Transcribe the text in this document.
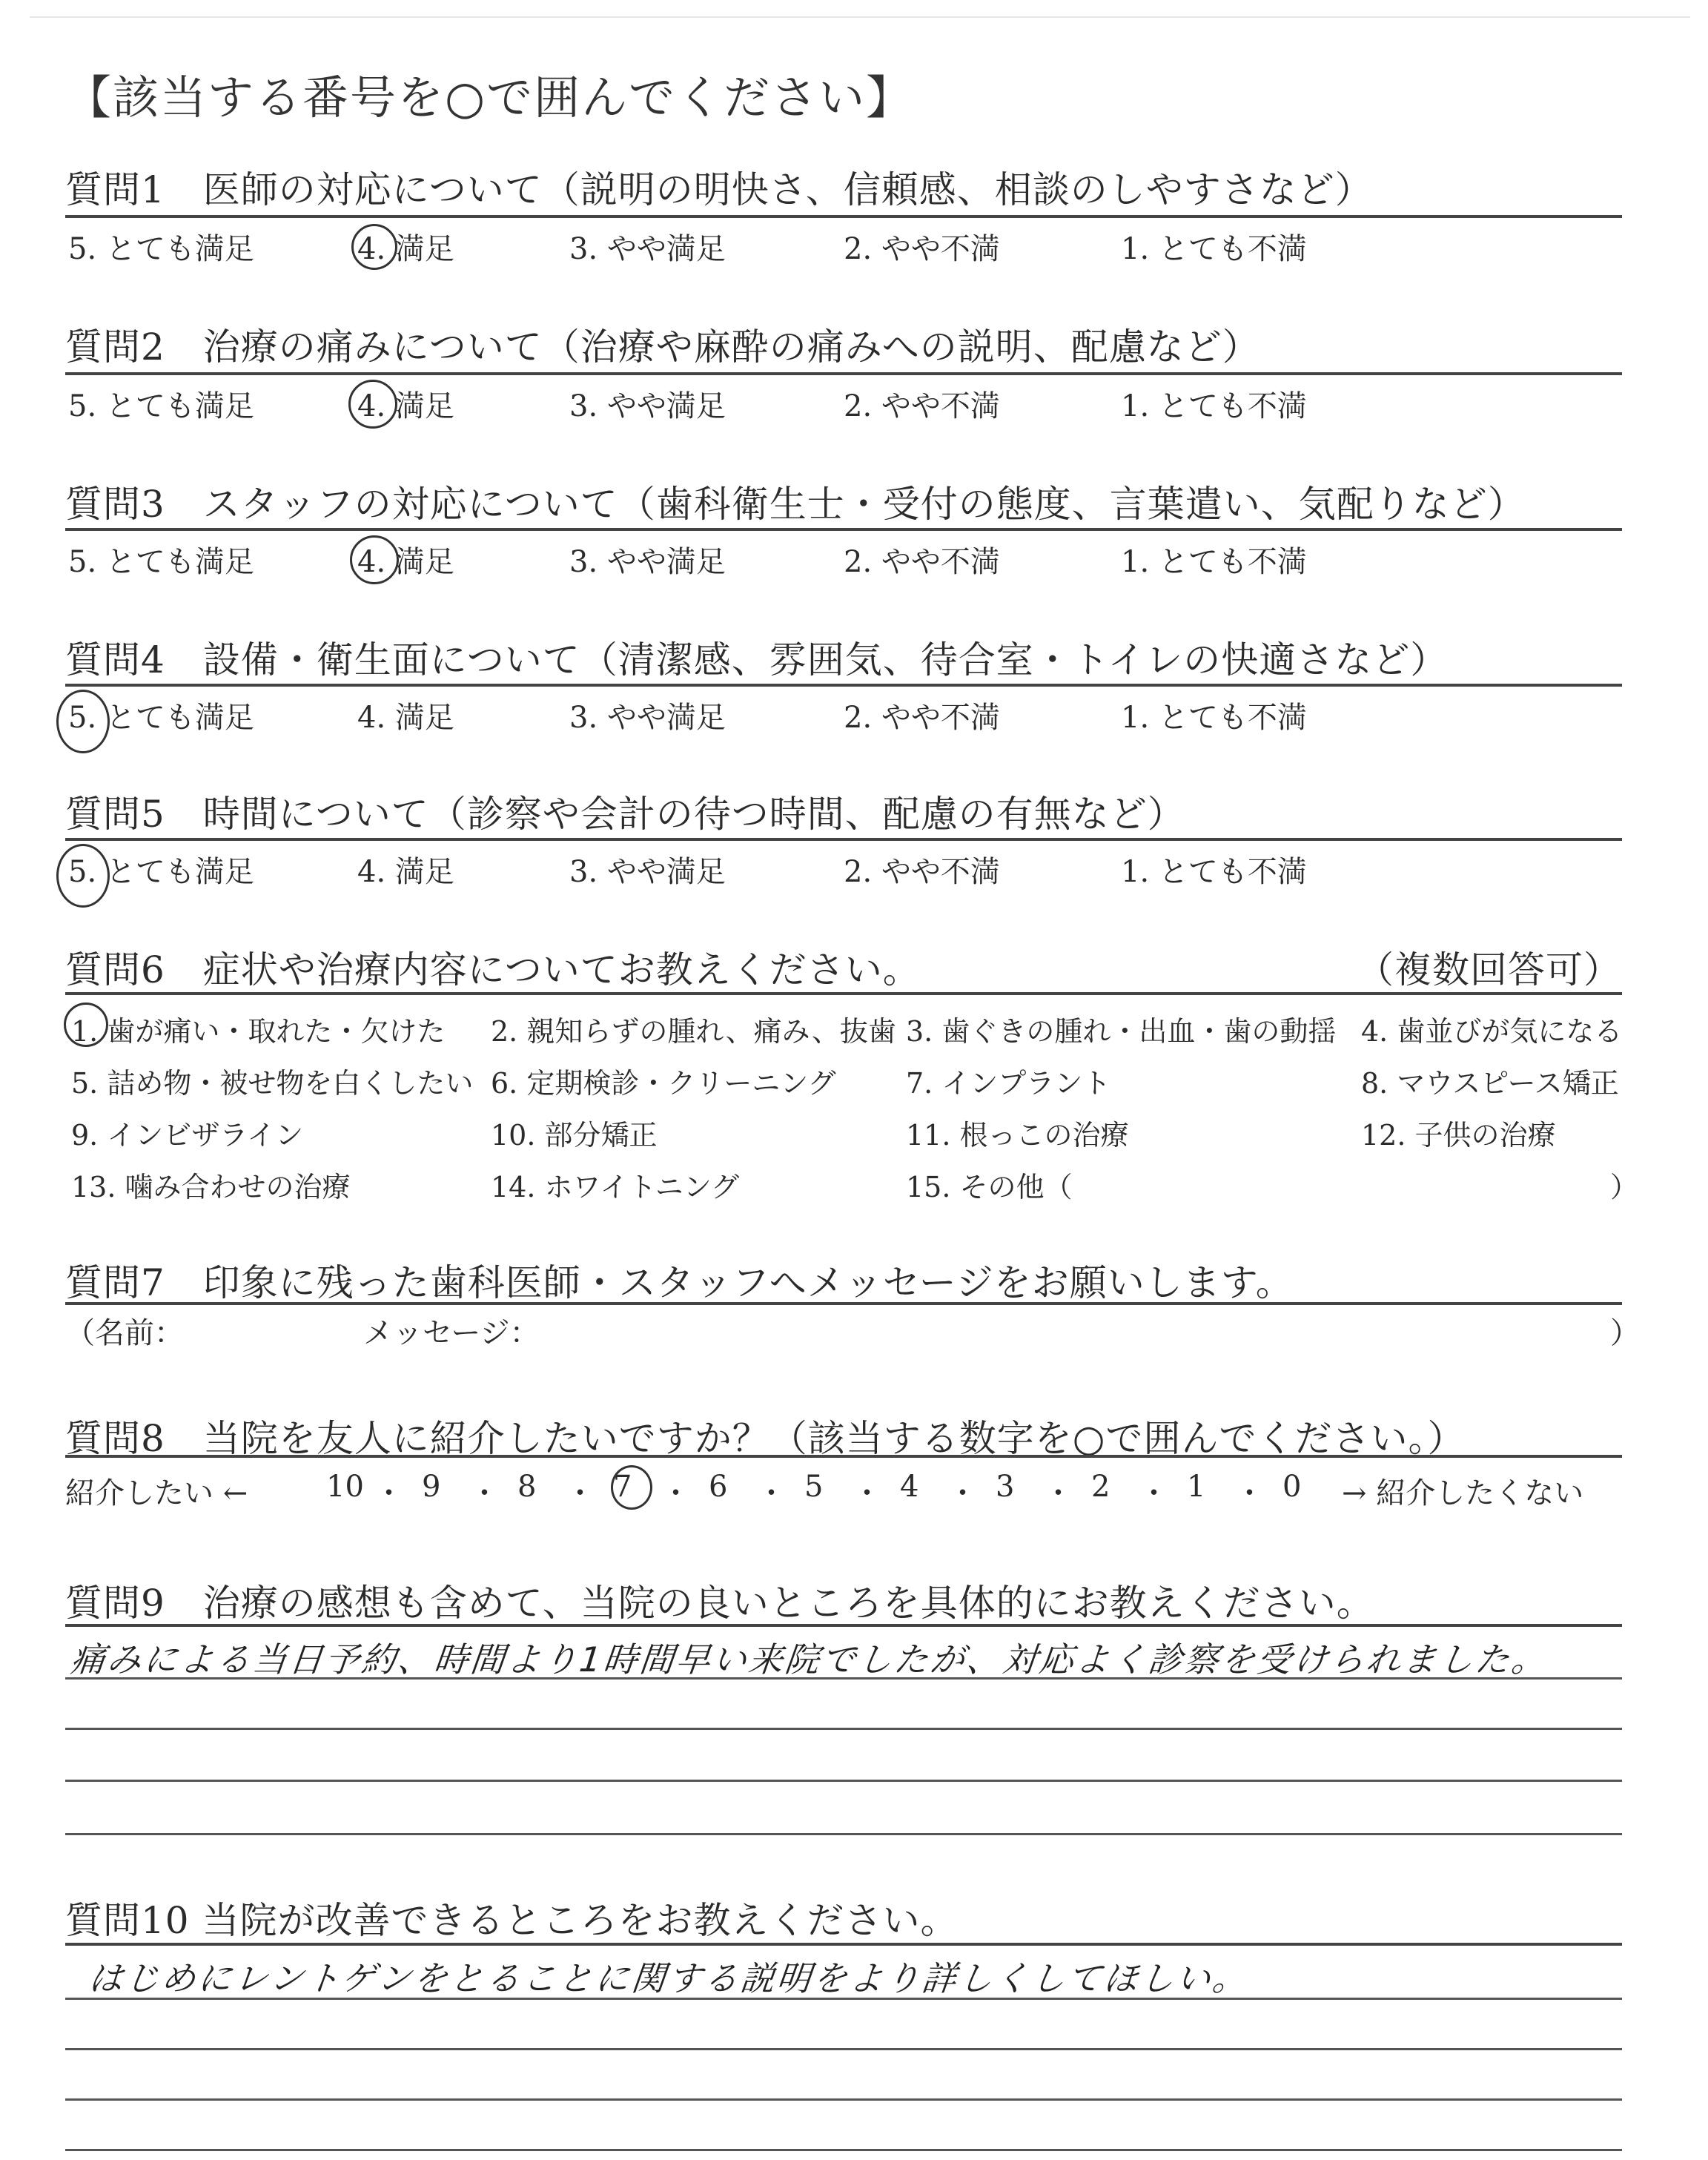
【該当する番号を○で囲んでください】
質問1　医師の対応について（説明の明快さ、信頼感、相談のしやすさなど）
5. とても満足	4. 満足	3. やや満足	2. やや不満	1. とても不満
質問2　治療の痛みについて（治療や麻酔の痛みへの説明、配慮など）
5. とても満足	4. 満足	3. やや満足	2. やや不満	1. とても不満
質問3　スタッフの対応について（歯科衛生士・受付の態度、言葉遣い、気配りなど）
5. とても満足	4. 満足	3. やや満足	2. やや不満	1. とても不満
質問4　設備・衛生面について（清潔感、雰囲気、待合室・トイレの快適さなど）
5. とても満足	4. 満足	3. やや満足	2. やや不満	1. とても不満
質問5　時間について（診察や会計の待つ時間、配慮の有無など）
5. とても満足	4. 満足	3. やや満足	2. やや不満	1. とても不満
質問6　症状や治療内容についてお教えください。	（複数回答可）
1. 歯が痛い・取れた・欠けた 2. 親知らずの腫れ、痛み、抜歯 3. 歯ぐきの腫れ・出血・歯の動揺 4. 歯並びが気になる
5. 詰め物・被せ物を白くしたい 6. 定期検診・クリーニング 7. インプラント	8. マウスピース矯正
9. インビザライン	10. 部分矯正	11. 根っこの治療	12. 子供の治療
13. 噛み合わせの治療	14. ホワイトニング	15. その他（	）
質問7　印象に残った歯科医師・スタッフへメッセージをお願いします。
（名前：	メッセージ：	）
質問8　当院を友人に紹介したいですか？（該当する数字を○で囲んでください。）
紹介したい ←	10 ・ 9 ・ 8 ・ 7 ・ 6 ・ 5 ・ 4 ・ 3 ・ 2 ・ 1 ・ 0 → 紹介したくない
質問9　治療の感想も含めて、当院の良いところを具体的にお教えください。
痛みによる当日予約、時間より1時間早い来院でしたが、対応よく診察を受けられました。
質問10 当院が改善できるところをお教えください。
はじめにレントゲンをとることに関する説明をより詳しくしてほしい。
